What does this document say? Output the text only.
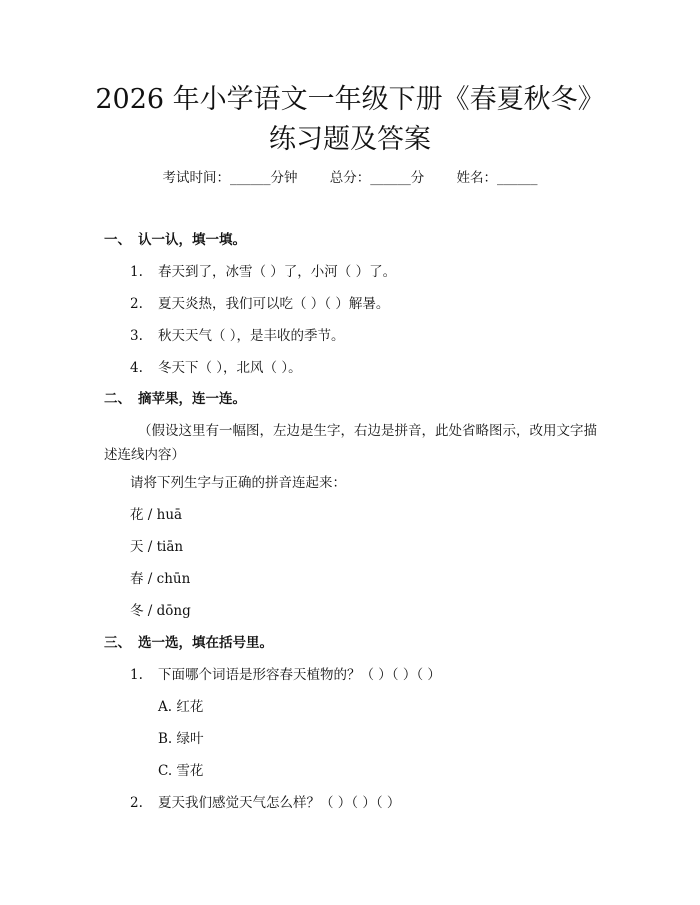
2026 年小学语文一年级下册《春夏秋冬》练习题及答案
考试时间：______分钟 总分：______分 姓名：______
一、 认一认，填一填。
1. 春天到了，冰雪（ ）了，小河（ ）了。
2. 夏天炎热，我们可以吃（ ）（ ）解暑。
3. 秋天天气（ ），是丰收的季节。
4. 冬天下（ ），北风（ ）。
二、 摘苹果，连一连。
（假设这里有一幅图，左边是生字，右边是拼音，此处省略图示，改用文字描述连线内容）
请将下列生字与正确的拼音连起来：
花 / huā
天 / tiān
春 / chūn
冬 / dōng
三、 选一选，填在括号里。
1. 下面哪个词语是形容春天植物的？（ ）（ ）（ ）
A. 红花
B. 绿叶
C. 雪花
2. 夏天我们感觉天气怎么样？（ ）（ ）（ ）
